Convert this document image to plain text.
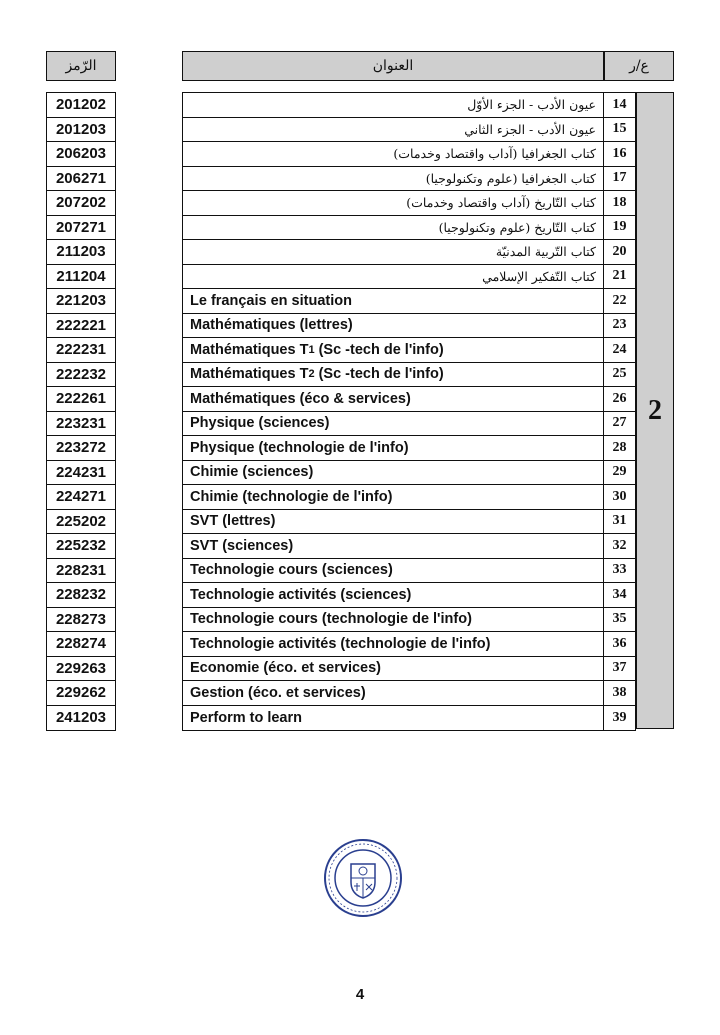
الرّمز	العنوان	ع/ر
201202
201203
206203
206271
207202
207271
211203
211204
221203
222221
222231
222232
222261
223231
223272
224231
224271
225202
225232
228231
228232
228273
228274
229263
229262
241203
عيون الأدب - الجزء الأوّل
عيون الأدب - الجزء الثاني
كتاب الجغرافيا (آداب واقتصاد وخدمات)
كتاب الجغرافيا (علوم وتكنولوجيا)
كتاب التّاريخ (آداب واقتصاد وخدمات)
كتاب التّاريخ (علوم وتكنولوجيا)
كتاب التّربية المدنيّة
كتاب التّفكير الإسلامي
Le français en situation
Mathématiques (lettres)
Mathématiques T 1 (Sc -tech de l'info)
Mathématiques T 2 (Sc -tech de l'info)
Mathématiques (éco & services)
Physique (sciences)
Physique (technologie de l'info)
Chimie (sciences)
Chimie (technologie de l'info)
SVT (lettres)
SVT (sciences)
Technologie cours (sciences)
Technologie activités (sciences)
Technologie cours (technologie de l'info)
Technologie activités (technologie de l'info)
Economie (éco. et services)
Gestion (éco. et services)
Perform to learn
14
15
16
17
18
19
20
21
22
23
24
25
26
27
28
29
30
31
32
33
34
35
36
37
38
39
2
4
